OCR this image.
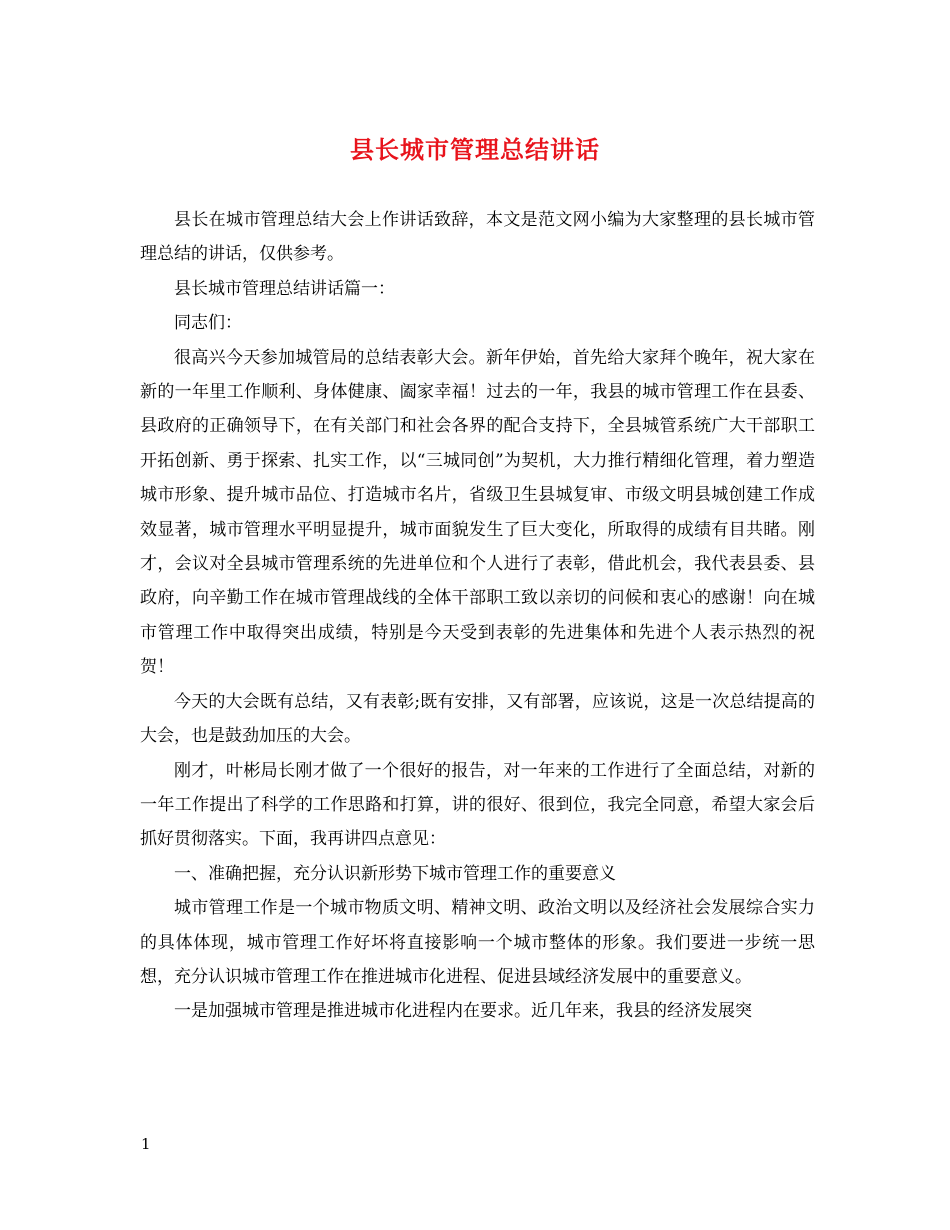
县长城市管理总结讲话

县长在城市管理总结大会上作讲话致辞，本文是范文网小编为大家整理的县长城市管理总结的讲话，仅供参考。

县长城市管理总结讲话篇一：

同志们：

很高兴今天参加城管局的总结表彰大会。新年伊始，首先给大家拜个晚年，祝大家在新的一年里工作顺利、身体健康、阖家幸福！过去的一年，我县的城市管理工作在县委、县政府的正确领导下，在有关部门和社会各界的配合支持下，全县城管系统广大干部职工开拓创新、勇于探索、扎实工作，以“三城同创”为契机，大力推行精细化管理，着力塑造城市形象、提升城市品位、打造城市名片，省级卫生县城复审、市级文明县城创建工作成效显著，城市管理水平明显提升，城市面貌发生了巨大变化，所取得的成绩有目共睹。刚才，会议对全县城市管理系统的先进单位和个人进行了表彰，借此机会，我代表县委、县政府，向辛勤工作在城市管理战线的全体干部职工致以亲切的问候和衷心的感谢！向在城市管理工作中取得突出成绩，特别是今天受到表彰的先进集体和先进个人表示热烈的祝贺！

今天的大会既有总结，又有表彰;既有安排，又有部署，应该说，这是一次总结提高的大会，也是鼓劲加压的大会。

刚才，叶彬局长刚才做了一个很好的报告，对一年来的工作进行了全面总结，对新的一年工作提出了科学的工作思路和打算，讲的很好、很到位，我完全同意，希望大家会后抓好贯彻落实。下面，我再讲四点意见：

一、准确把握，充分认识新形势下城市管理工作的重要意义

城市管理工作是一个城市物质文明、精神文明、政治文明以及经济社会发展综合实力的具体体现，城市管理工作好坏将直接影响一个城市整体的形象。我们要进一步统一思想，充分认识城市管理工作在推进城市化进程、促进县域经济发展中的重要意义。

一是加强城市管理是推进城市化进程内在要求。近几年来，我县的经济发展突

1
